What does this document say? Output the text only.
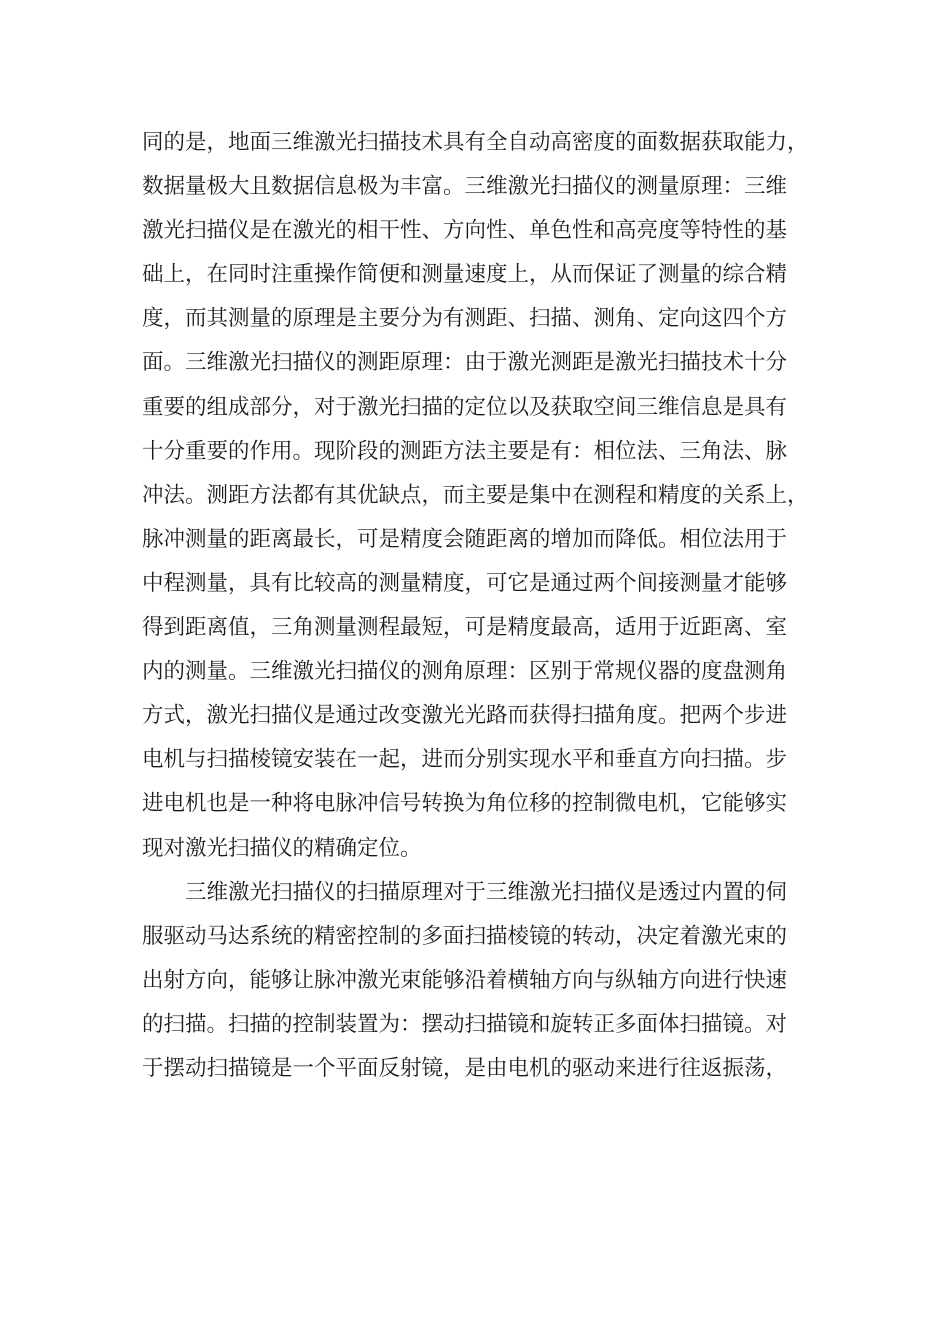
同的是，地面三维激光扫描技术具有全自动高密度的面数据获取能力，
数据量极大且数据信息极为丰富。三维激光扫描仪的测量原理：三维
激光扫描仪是在激光的相干性、方向性、单色性和高亮度等特性的基
础上，在同时注重操作简便和测量速度上，从而保证了测量的综合精
度，而其测量的原理是主要分为有测距、扫描、测角、定向这四个方
面。三维激光扫描仪的测距原理：由于激光测距是激光扫描技术十分
重要的组成部分，对于激光扫描的定位以及获取空间三维信息是具有
十分重要的作用。现阶段的测距方法主要是有：相位法、三角法、脉
冲法。测距方法都有其优缺点，而主要是集中在测程和精度的关系上，
脉冲测量的距离最长，可是精度会随距离的增加而降低。相位法用于
中程测量，具有比较高的测量精度，可它是通过两个间接测量才能够
得到距离值，三角测量测程最短，可是精度最高，适用于近距离、室
内的测量。三维激光扫描仪的测角原理：区别于常规仪器的度盘测角
方式，激光扫描仪是通过改变激光光路而获得扫描角度。把两个步进
电机与扫描棱镜安装在一起，进而分别实现水平和垂直方向扫描。步
进电机也是一种将电脉冲信号转换为角位移的控制微电机，它能够实
现对激光扫描仪的精确定位。
三维激光扫描仪的扫描原理对于三维激光扫描仪是透过内置的伺
服驱动马达系统的精密控制的多面扫描棱镜的转动，决定着激光束的
出射方向，能够让脉冲激光束能够沿着横轴方向与纵轴方向进行快速
的扫描。扫描的控制装置为：摆动扫描镜和旋转正多面体扫描镜。对
于摆动扫描镜是一个平面反射镜，是由电机的驱动来进行往返振荡，
